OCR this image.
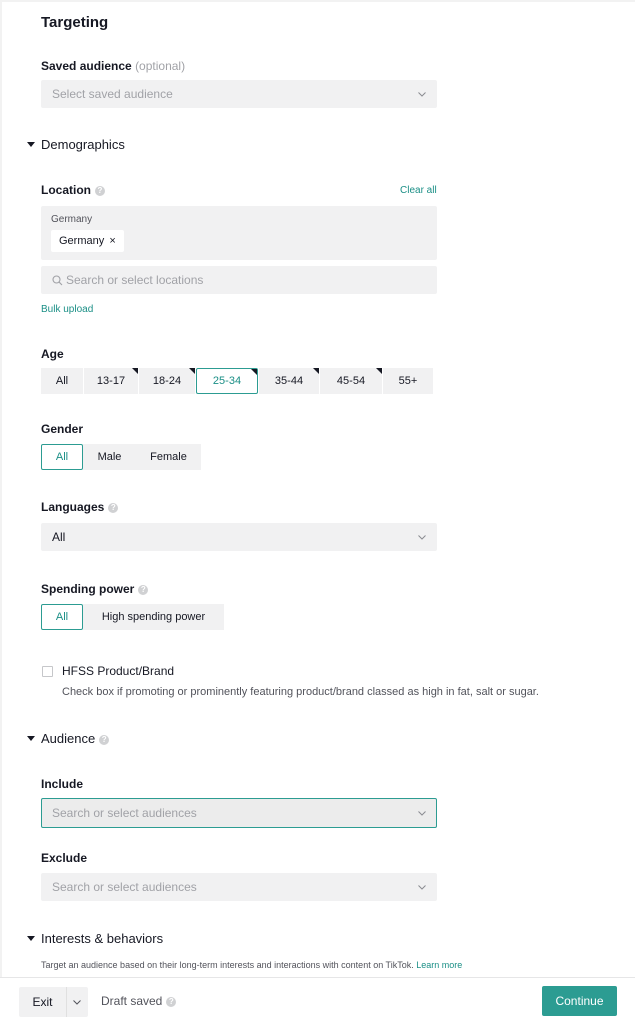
Targeting
Saved audience (optional)
Select saved audience
Demographics
Location ?	Clear all
Germany
Germany ×
Search or select locations
Bulk upload
Age
All	13-17	18-24	25-34	35-44	45-54	55+
Gender
All	Male	Female
Languages ?
All
Spending power ?
All	High spending power
HFSS Product/Brand
Check box if promoting or prominently featuring product/brand classed as high in fat, salt or sugar.
Audience ?
Include
Search or select audiences
Exclude
Search or select audiences
Interests & behaviors
Target an audience based on their long-term interests and interactions with content on TikTok. Learn more
Exit	Draft saved ?	Continue
